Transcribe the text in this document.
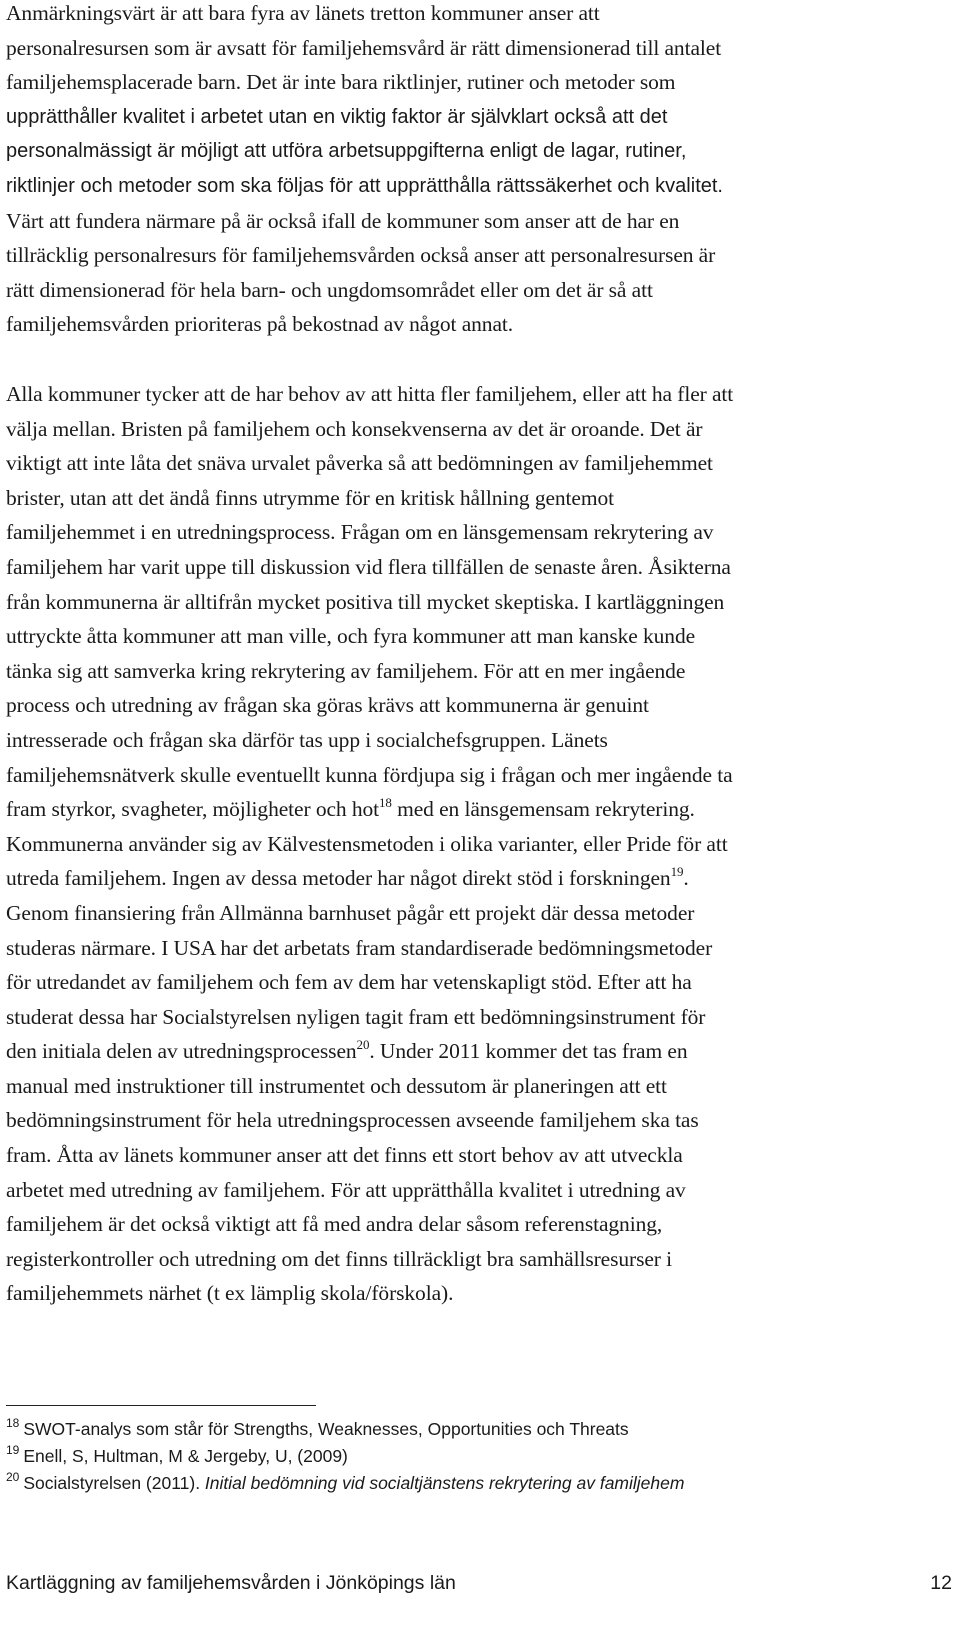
Anmärkningsvärt är att bara fyra av länets tretton kommuner anser att
personalresursen som är avsatt för familjehemsvård är rätt dimensionerad till antalet
familjehemsplacerade barn. Det är inte bara riktlinjer, rutiner och metoder som
upprätthåller kvalitet i arbetet utan en viktig faktor är självklart också att det
personalmässigt är möjligt att utföra arbetsuppgifterna enligt de lagar, rutiner,
riktlinjer och metoder som ska följas för att upprätthålla rättssäkerhet och kvalitet.
Värt att fundera närmare på är också ifall de kommuner som anser att de har en
tillräcklig personalresurs för familjehemsvården också anser att personalresursen är
rätt dimensionerad för hela barn- och ungdomsområdet eller om det är så att
familjehemsvården prioriteras på bekostnad av något annat.
Alla kommuner tycker att de har behov av att hitta fler familjehem, eller att ha fler att
välja mellan. Bristen på familjehem och konsekvenserna av det är oroande. Det är
viktigt att inte låta det snäva urvalet påverka så att bedömningen av familjehemmet
brister, utan att det ändå finns utrymme för en kritisk hållning gentemot
familjehemmet i en utredningsprocess. Frågan om en länsgemensam rekrytering av
familjehem har varit uppe till diskussion vid flera tillfällen de senaste åren. Åsikterna
från kommunerna är alltifrån mycket positiva till mycket skeptiska. I kartläggningen
uttryckte åtta kommuner att man ville, och fyra kommuner att man kanske kunde
tänka sig att samverka kring rekrytering av familjehem. För att en mer ingående
process och utredning av frågan ska göras krävs att kommunerna är genuint
intresserade och frågan ska därför tas upp i socialchefsgruppen. Länets
familjehemsnätverk skulle eventuellt kunna fördjupa sig i frågan och mer ingående ta
fram styrkor, svagheter, möjligheter och hot$^{18}$ med en länsgemensam rekrytering.
Kommunerna använder sig av Kälvestensmetoden i olika varianter, eller Pride för att
utreda familjehem. Ingen av dessa metoder har något direkt stöd i forskningen$^{19}$.
Genom finansiering från Allmänna barnhuset pågår ett projekt där dessa metoder
studeras närmare. I USA har det arbetats fram standardiserade bedömningsmetoder
för utredandet av familjehem och fem av dem har vetenskapligt stöd. Efter att ha
studerat dessa har Socialstyrelsen nyligen tagit fram ett bedömningsinstrument för
den initiala delen av utredningsprocessen$^{20}$. Under 2011 kommer det tas fram en
manual med instruktioner till instrumentet och dessutom är planeringen att ett
bedömningsinstrument för hela utredningsprocessen avseende familjehem ska tas
fram. Åtta av länets kommuner anser att det finns ett stort behov av att utveckla
arbetet med utredning av familjehem. För att upprätthålla kvalitet i utredning av
familjehem är det också viktigt att få med andra delar såsom referenstagning,
registerkontroller och utredning om det finns tillräckligt bra samhällsresurser i
familjehemmets närhet (t ex lämplig skola/förskola).
$^{18}$ SWOT-analys som står för Strengths, Weaknesses, Opportunities och Threats
$^{19}$ Enell, S, Hultman, M & Jergeby, U, (2009)
$^{20}$ Socialstyrelsen (2011). Initial bedömning vid socialtjänstens rekrytering av familjehem
Kartläggning av familjehemsvården i Jönköpings län	12
